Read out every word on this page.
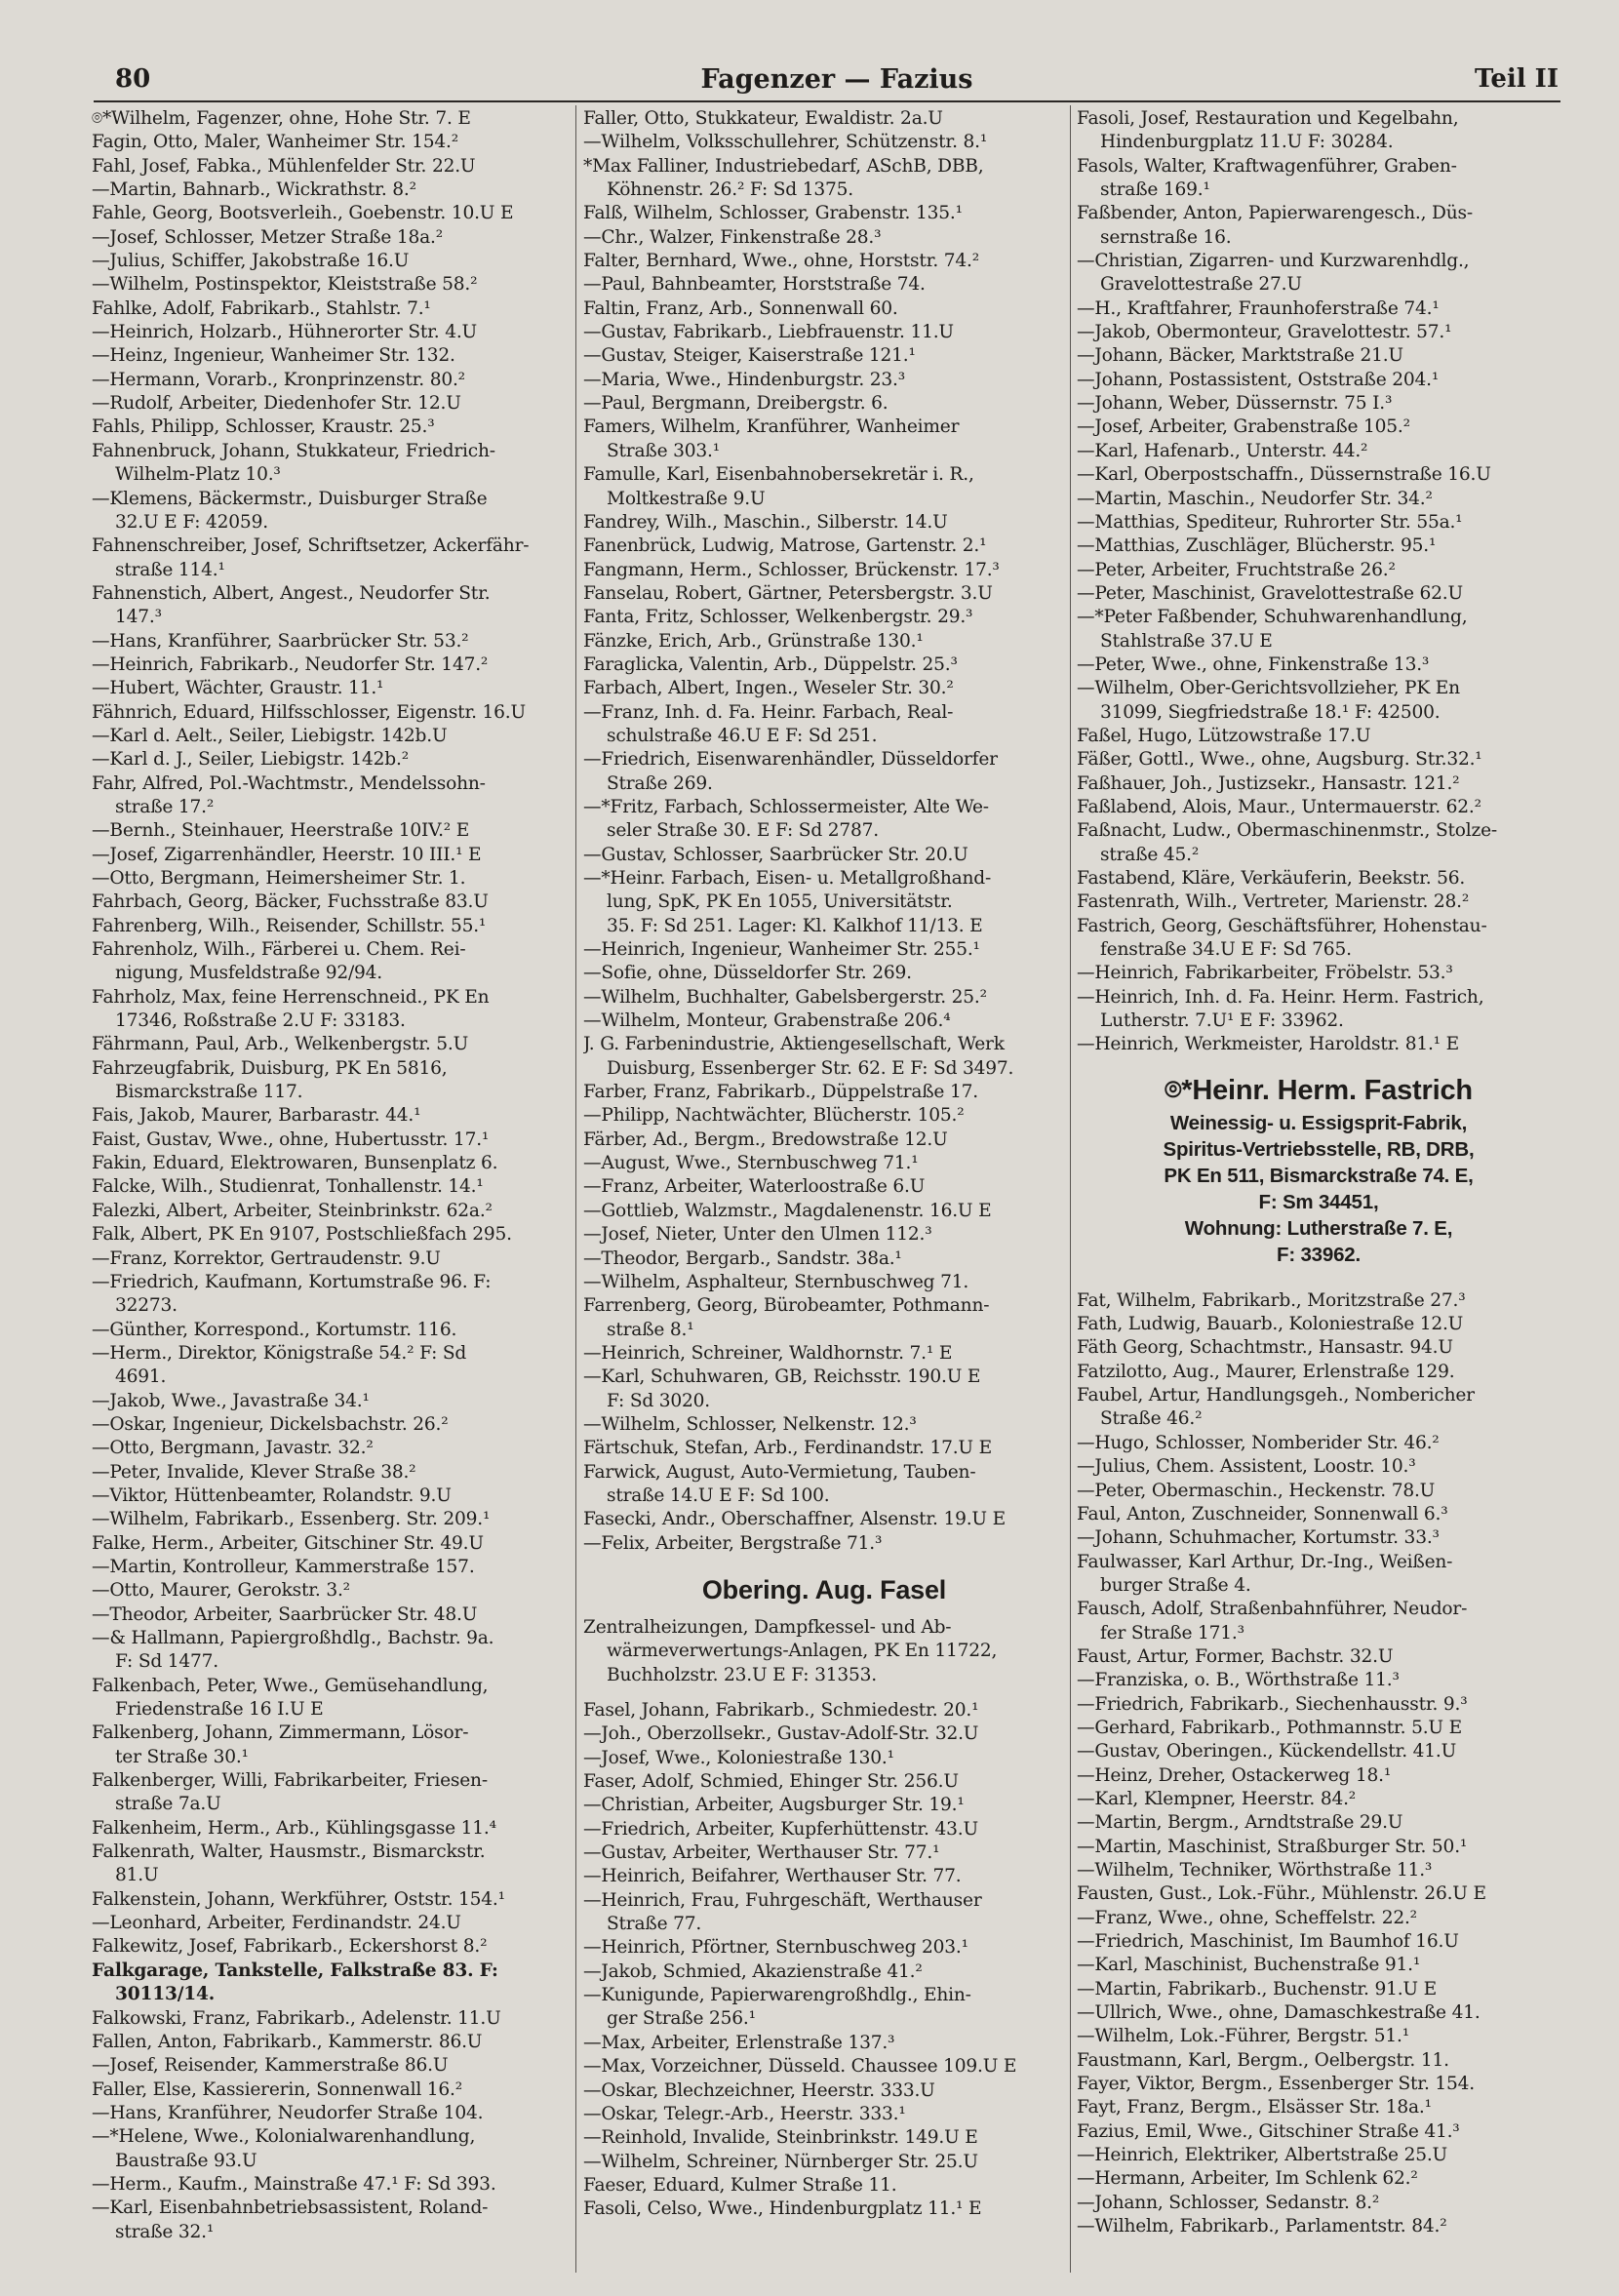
80	Fagenzer — Fazius	Teil II
⌾*Wilhelm, Fagenzer, ohne, Hohe Str. 7. E
Fagin, Otto, Maler, Wanheimer Str. 154.²
Fahl, Josef, Fabka., Mühlenfelder Str. 22.U
—Martin, Bahnarb., Wickrathstr. 8.²
Fahle, Georg, Bootsverleih., Goebenstr. 10.U E
—Josef, Schlosser, Metzer Straße 18a.²
—Julius, Schiffer, Jakobstraße 16.U
—Wilhelm, Postinspektor, Kleiststraße 58.²
Fahlke, Adolf, Fabrikarb., Stahlstr. 7.¹
—Heinrich, Holzarb., Hühnerorter Str. 4.U
—Heinz, Ingenieur, Wanheimer Str. 132.
—Hermann, Vorarb., Kronprinzenstr. 80.²
—Rudolf, Arbeiter, Diedenhofer Str. 12.U
Fahls, Philipp, Schlosser, Kraustr. 25.³
Fahnenbruck, Johann, Stukkateur, Friedrich-
Wilhelm-Platz 10.³
—Klemens, Bäckermstr., Duisburger Straße
32.U E F: 42059.
Fahnenschreiber, Josef, Schriftsetzer, Ackerfähr-
straße 114.¹
Fahnenstich, Albert, Angest., Neudorfer Str.
147.³
—Hans, Kranführer, Saarbrücker Str. 53.²
—Heinrich, Fabrikarb., Neudorfer Str. 147.²
—Hubert, Wächter, Graustr. 11.¹
Fähnrich, Eduard, Hilfsschlosser, Eigenstr. 16.U
—Karl d. Aelt., Seiler, Liebigstr. 142b.U
—Karl d. J., Seiler, Liebigstr. 142b.²
Fahr, Alfred, Pol.-Wachtmstr., Mendelssohn-
straße 17.²
—Bernh., Steinhauer, Heerstraße 10IV.² E
—Josef, Zigarrenhändler, Heerstr. 10 III.¹ E
—Otto, Bergmann, Heimersheimer Str. 1.
Fahrbach, Georg, Bäcker, Fuchsstraße 83.U
Fahrenberg, Wilh., Reisender, Schillstr. 55.¹
Fahrenholz, Wilh., Färberei u. Chem. Rei-
nigung, Musfeldstraße 92/94.
Fahrholz, Max, feine Herrenschneid., PK En
17346, Roßstraße 2.U F: 33183.
Fährmann, Paul, Arb., Welkenbergstr. 5.U
Fahrzeugfabrik, Duisburg, PK En 5816,
Bismarckstraße 117.
Fais, Jakob, Maurer, Barbarastr. 44.¹
Faist, Gustav, Wwe., ohne, Hubertusstr. 17.¹
Fakin, Eduard, Elektrowaren, Bunsenplatz 6.
Falcke, Wilh., Studienrat, Tonhallenstr. 14.¹
Falezki, Albert, Arbeiter, Steinbrinkstr. 62a.²
Falk, Albert, PK En 9107, Postschließfach 295.
—Franz, Korrektor, Gertraudenstr. 9.U
—Friedrich, Kaufmann, Kortumstraße 96. F:
32273.
—Günther, Korrespond., Kortumstr. 116.
—Herm., Direktor, Königstraße 54.² F: Sd
4691.
—Jakob, Wwe., Javastraße 34.¹
—Oskar, Ingenieur, Dickelsbachstr. 26.²
—Otto, Bergmann, Javastr. 32.²
—Peter, Invalide, Klever Straße 38.²
—Viktor, Hüttenbeamter, Rolandstr. 9.U
—Wilhelm, Fabrikarb., Essenberg. Str. 209.¹
Falke, Herm., Arbeiter, Gitschiner Str. 49.U
—Martin, Kontrolleur, Kammerstraße 157.
—Otto, Maurer, Gerokstr. 3.²
—Theodor, Arbeiter, Saarbrücker Str. 48.U
—& Hallmann, Papiergroßhdlg., Bachstr. 9a.
F: Sd 1477.
Falkenbach, Peter, Wwe., Gemüsehandlung,
Friedenstraße 16 I.U E
Falkenberg, Johann, Zimmermann, Lösor-
ter Straße 30.¹
Falkenberger, Willi, Fabrikarbeiter, Friesen-
straße 7a.U
Falkenheim, Herm., Arb., Kühlingsgasse 11.⁴
Falkenrath, Walter, Hausmstr., Bismarckstr.
81.U
Falkenstein, Johann, Werkführer, Oststr. 154.¹
—Leonhard, Arbeiter, Ferdinandstr. 24.U
Falkewitz, Josef, Fabrikarb., Eckershorst 8.²
Falkgarage, Tankstelle, Falkstraße 83. F:
30113/14.
Falkowski, Franz, Fabrikarb., Adelenstr. 11.U
Fallen, Anton, Fabrikarb., Kammerstr. 86.U
—Josef, Reisender, Kammerstraße 86.U
Faller, Else, Kassiererin, Sonnenwall 16.²
—Hans, Kranführer, Neudorfer Straße 104.
—*Helene, Wwe., Kolonialwarenhandlung,
Baustraße 93.U
—Herm., Kaufm., Mainstraße 47.¹ F: Sd 393.
—Karl, Eisenbahnbetriebsassistent, Roland-
straße 32.¹
Faller, Otto, Stukkateur, Ewaldistr. 2a.U
—Wilhelm, Volksschullehrer, Schützenstr. 8.¹
*Max Falliner, Industriebedarf, ASchB, DBB,
Köhnenstr. 26.² F: Sd 1375.
Falß, Wilhelm, Schlosser, Grabenstr. 135.¹
—Chr., Walzer, Finkenstraße 28.³
Falter, Bernhard, Wwe., ohne, Horststr. 74.²
—Paul, Bahnbeamter, Horststraße 74.
Faltin, Franz, Arb., Sonnenwall 60.
—Gustav, Fabrikarb., Liebfrauenstr. 11.U
—Gustav, Steiger, Kaiserstraße 121.¹
—Maria, Wwe., Hindenburgstr. 23.³
—Paul, Bergmann, Dreibergstr. 6.
Famers, Wilhelm, Kranführer, Wanheimer
Straße 303.¹
Famulle, Karl, Eisenbahnobersekretär i. R.,
Moltkestraße 9.U
Fandrey, Wilh., Maschin., Silberstr. 14.U
Fanenbrück, Ludwig, Matrose, Gartenstr. 2.¹
Fangmann, Herm., Schlosser, Brückenstr. 17.³
Fanselau, Robert, Gärtner, Petersbergstr. 3.U
Fanta, Fritz, Schlosser, Welkenbergstr. 29.³
Fänzke, Erich, Arb., Grünstraße 130.¹
Faraglicka, Valentin, Arb., Düppelstr. 25.³
Farbach, Albert, Ingen., Weseler Str. 30.²
—Franz, Inh. d. Fa. Heinr. Farbach, Real-
schulstraße 46.U E F: Sd 251.
—Friedrich, Eisenwarenhändler, Düsseldorfer
Straße 269.
—*Fritz, Farbach, Schlossermeister, Alte We-
seler Straße 30. E F: Sd 2787.
—Gustav, Schlosser, Saarbrücker Str. 20.U
—*Heinr. Farbach, Eisen- u. Metallgroßhand-
lung, SpK, PK En 1055, Universitätstr.
35. F: Sd 251. Lager: Kl. Kalkhof 11/13. E
—Heinrich, Ingenieur, Wanheimer Str. 255.¹
—Sofie, ohne, Düsseldorfer Str. 269.
—Wilhelm, Buchhalter, Gabelsbergerstr. 25.²
—Wilhelm, Monteur, Grabenstraße 206.⁴
J. G. Farbenindustrie, Aktiengesellschaft, Werk
Duisburg, Essenberger Str. 62. E F: Sd 3497.
Farber, Franz, Fabrikarb., Düppelstraße 17.
—Philipp, Nachtwächter, Blücherstr. 105.²
Färber, Ad., Bergm., Bredowstraße 12.U
—August, Wwe., Sternbuschweg 71.¹
—Franz, Arbeiter, Waterloostraße 6.U
—Gottlieb, Walzmstr., Magdalenenstr. 16.U E
—Josef, Nieter, Unter den Ulmen 112.³
—Theodor, Bergarb., Sandstr. 38a.¹
—Wilhelm, Asphalteur, Sternbuschweg 71.
Farrenberg, Georg, Bürobeamter, Pothmann-
straße 8.¹
—Heinrich, Schreiner, Waldhornstr. 7.¹ E
—Karl, Schuhwaren, GB, Reichsstr. 190.U E
F: Sd 3020.
—Wilhelm, Schlosser, Nelkenstr. 12.³
Färtschuk, Stefan, Arb., Ferdinandstr. 17.U E
Farwick, August, Auto-Vermietung, Tauben-
straße 14.U E F: Sd 100.
Fasecki, Andr., Oberschaffner, Alsenstr. 19.U E
—Felix, Arbeiter, Bergstraße 71.³
Obering. Aug. Fasel
Zentralheizungen, Dampfkessel- und Ab-
wärmeverwertungs-Anlagen, PK En 11722,
Buchholzstr. 23.U E F: 31353.
Fasel, Johann, Fabrikarb., Schmiedestr. 20.¹
—Joh., Oberzollsekr., Gustav-Adolf-Str. 32.U
—Josef, Wwe., Koloniestraße 130.¹
Faser, Adolf, Schmied, Ehinger Str. 256.U
—Christian, Arbeiter, Augsburger Str. 19.¹
—Friedrich, Arbeiter, Kupferhüttenstr. 43.U
—Gustav, Arbeiter, Werthauser Str. 77.¹
—Heinrich, Beifahrer, Werthauser Str. 77.
—Heinrich, Frau, Fuhrgeschäft, Werthauser
Straße 77.
—Heinrich, Pförtner, Sternbuschweg 203.¹
—Jakob, Schmied, Akazienstraße 41.²
—Kunigunde, Papierwarengroßhdlg., Ehin-
ger Straße 256.¹
—Max, Arbeiter, Erlenstraße 137.³
—Max, Vorzeichner, Düsseld. Chaussee 109.U E
—Oskar, Blechzeichner, Heerstr. 333.U
—Oskar, Telegr.-Arb., Heerstr. 333.¹
—Reinhold, Invalide, Steinbrinkstr. 149.U E
—Wilhelm, Schreiner, Nürnberger Str. 25.U
Faeser, Eduard, Kulmer Straße 11.
Fasoli, Celso, Wwe., Hindenburgplatz 11.¹ E
Fasoli, Josef, Restauration und Kegelbahn,
Hindenburgplatz 11.U F: 30284.
Fasols, Walter, Kraftwagenführer, Graben-
straße 169.¹
Faßbender, Anton, Papierwarengesch., Düs-
sernstraße 16.
—Christian, Zigarren- und Kurzwarenhdlg.,
Gravelottestraße 27.U
—H., Kraftfahrer, Fraunhoferstraße 74.¹
—Jakob, Obermonteur, Gravelottestr. 57.¹
—Johann, Bäcker, Marktstraße 21.U
—Johann, Postassistent, Oststraße 204.¹
—Johann, Weber, Düssernstr. 75 I.³
—Josef, Arbeiter, Grabenstraße 105.²
—Karl, Hafenarb., Unterstr. 44.²
—Karl, Oberpostschaffn., Düssernstraße 16.U
—Martin, Maschin., Neudorfer Str. 34.²
—Matthias, Spediteur, Ruhrorter Str. 55a.¹
—Matthias, Zuschläger, Blücherstr. 95.¹
—Peter, Arbeiter, Fruchtstraße 26.²
—Peter, Maschinist, Gravelottestraße 62.U
—*Peter Faßbender, Schuhwarenhandlung,
Stahlstraße 37.U E
—Peter, Wwe., ohne, Finkenstraße 13.³
—Wilhelm, Ober-Gerichtsvollzieher, PK En
31099, Siegfriedstraße 18.¹ F: 42500.
Faßel, Hugo, Lützowstraße 17.U
Fäßer, Gottl., Wwe., ohne, Augsburg. Str.32.¹
Faßhauer, Joh., Justizsekr., Hansastr. 121.²
Faßlabend, Alois, Maur., Untermauerstr. 62.²
Faßnacht, Ludw., Obermaschinenmstr., Stolze-
straße 45.²
Fastabend, Kläre, Verkäuferin, Beekstr. 56.
Fastenrath, Wilh., Vertreter, Marienstr. 28.²
Fastrich, Georg, Geschäftsführer, Hohenstau-
fenstraße 34.U E F: Sd 765.
—Heinrich, Fabrikarbeiter, Fröbelstr. 53.³
—Heinrich, Inh. d. Fa. Heinr. Herm. Fastrich,
Lutherstr. 7.U¹ E F: 33962.
—Heinrich, Werkmeister, Haroldstr. 81.¹ E
⌾*Heinr. Herm. Fastrich
Weinessig- u. Essigsprit-Fabrik,
Spiritus-Vertriebsstelle, RB, DRB,
PK En 511, Bismarckstraße 74. E,
F: Sm 34451,
Wohnung: Lutherstraße 7. E,
F: 33962.
Fat, Wilhelm, Fabrikarb., Moritzstraße 27.³
Fath, Ludwig, Bauarb., Koloniestraße 12.U
Fäth Georg, Schachtmstr., Hansastr. 94.U
Fatzilotto, Aug., Maurer, Erlenstraße 129.
Faubel, Artur, Handlungsgeh., Nombericher
Straße 46.²
—Hugo, Schlosser, Nomberider Str. 46.²
—Julius, Chem. Assistent, Loostr. 10.³
—Peter, Obermaschin., Heckenstr. 78.U
Faul, Anton, Zuschneider, Sonnenwall 6.³
—Johann, Schuhmacher, Kortumstr. 33.³
Faulwasser, Karl Arthur, Dr.-Ing., Weißen-
burger Straße 4.
Fausch, Adolf, Straßenbahnführer, Neudor-
fer Straße 171.³
Faust, Artur, Former, Bachstr. 32.U
—Franziska, o. B., Wörthstraße 11.³
—Friedrich, Fabrikarb., Siechenhausstr. 9.³
—Gerhard, Fabrikarb., Pothmannstr. 5.U E
—Gustav, Oberingen., Kückendellstr. 41.U
—Heinz, Dreher, Ostackerweg 18.¹
—Karl, Klempner, Heerstr. 84.²
—Martin, Bergm., Arndtstraße 29.U
—Martin, Maschinist, Straßburger Str. 50.¹
—Wilhelm, Techniker, Wörthstraße 11.³
Fausten, Gust., Lok.-Führ., Mühlenstr. 26.U E
—Franz, Wwe., ohne, Scheffelstr. 22.²
—Friedrich, Maschinist, Im Baumhof 16.U
—Karl, Maschinist, Buchenstraße 91.¹
—Martin, Fabrikarb., Buchenstr. 91.U E
—Ullrich, Wwe., ohne, Damaschkestraße 41.
—Wilhelm, Lok.-Führer, Bergstr. 51.¹
Faustmann, Karl, Bergm., Oelbergstr. 11.
Fayer, Viktor, Bergm., Essenberger Str. 154.
Fayt, Franz, Bergm., Elsässer Str. 18a.¹
Fazius, Emil, Wwe., Gitschiner Straße 41.³
—Heinrich, Elektriker, Albertstraße 25.U
—Hermann, Arbeiter, Im Schlenk 62.²
—Johann, Schlosser, Sedanstr. 8.²
—Wilhelm, Fabrikarb., Parlamentstr. 84.²
